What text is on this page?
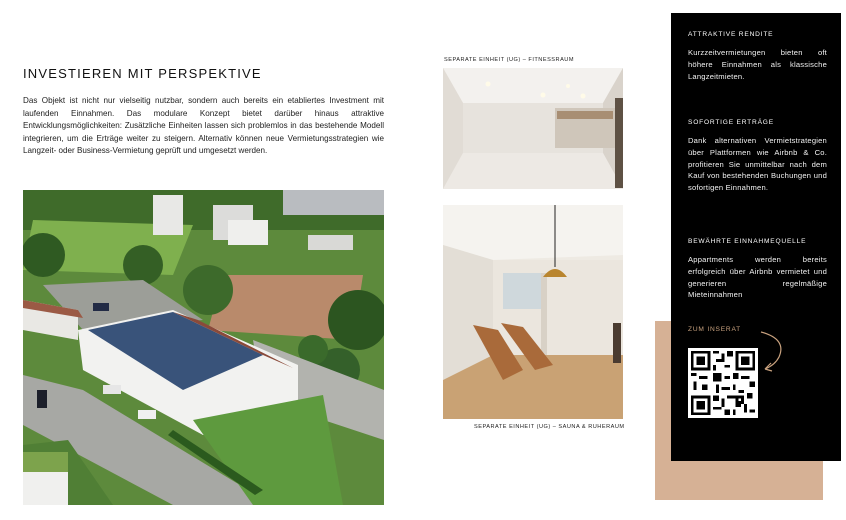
INVESTIEREN MIT PERSPEKTIVE

Das Objekt ist nicht nur vielseitig nutzbar, sondern auch bereits ein etabliertes Investment mit laufenden Einnahmen. Das modulare Konzept bietet darüber hinaus attraktive Entwicklungsmöglichkeiten: Zusätzliche Einheiten lassen sich problemlos in das bestehende Modell integrieren, um die Erträge weiter zu steigern. Alternativ können neue Vermietungsstrategien wie Langzeit- oder Business-Vermietung geprüft und umgesetzt werden.

SEPARATE EINHEIT (UG) – FITNESSRAUM
SEPARATE EINHEIT (UG) – SAUNA & RUHERAUM
ATTRAKTIVE RENDITE
Kurzzeitvermietungen bieten oft höhere Einnahmen als klassische Langzeitmieten.
SOFORTIGE ERTRÄGE
Dank alternativen Vermietstrategien über Plattformen wie Airbnb & Co. profitieren Sie unmittelbar nach dem Kauf von bestehenden Buchungen und sofortigen Einnahmen.
BEWÄHRTE EINNAHMEQUELLE
Appartments werden bereits erfolgreich über Airbnb vermietet und generieren regelmäßige Mieteinnahmen
ZUM INSERAT
